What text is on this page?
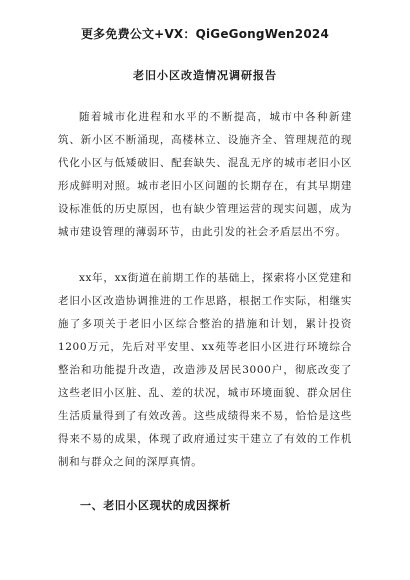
更多免费公文+VX：QiGeGongWen2024

老旧小区改造情况调研报告

随着城市化进程和水平的不断提高，城市中各种新建筑、新小区不断涌现，高楼林立、设施齐全、管理规范的现代化小区与低矮破旧、配套缺失、混乱无序的城市老旧小区形成鲜明对照。城市老旧小区问题的长期存在，有其早期建设标准低的历史原因，也有缺少管理运营的现实问题，成为城市建设管理的薄弱环节，由此引发的社会矛盾层出不穷。

xx年，xx街道在前期工作的基础上，探索将小区党建和老旧小区改造协调推进的工作思路，根据工作实际，相继实施了多项关于老旧小区综合整治的措施和计划，累计投资1200万元，先后对平安里、xx苑等老旧小区进行环境综合整治和功能提升改造，改造涉及居民3000户，彻底改变了这些老旧小区脏、乱、差的状况，城市环境面貌、群众居住生活质量得到了有效改善。这些成绩得来不易，恰恰是这些得来不易的成果，体现了政府通过实干建立了有效的工作机制和与群众之间的深厚真情。

一、老旧小区现状的成因探析
